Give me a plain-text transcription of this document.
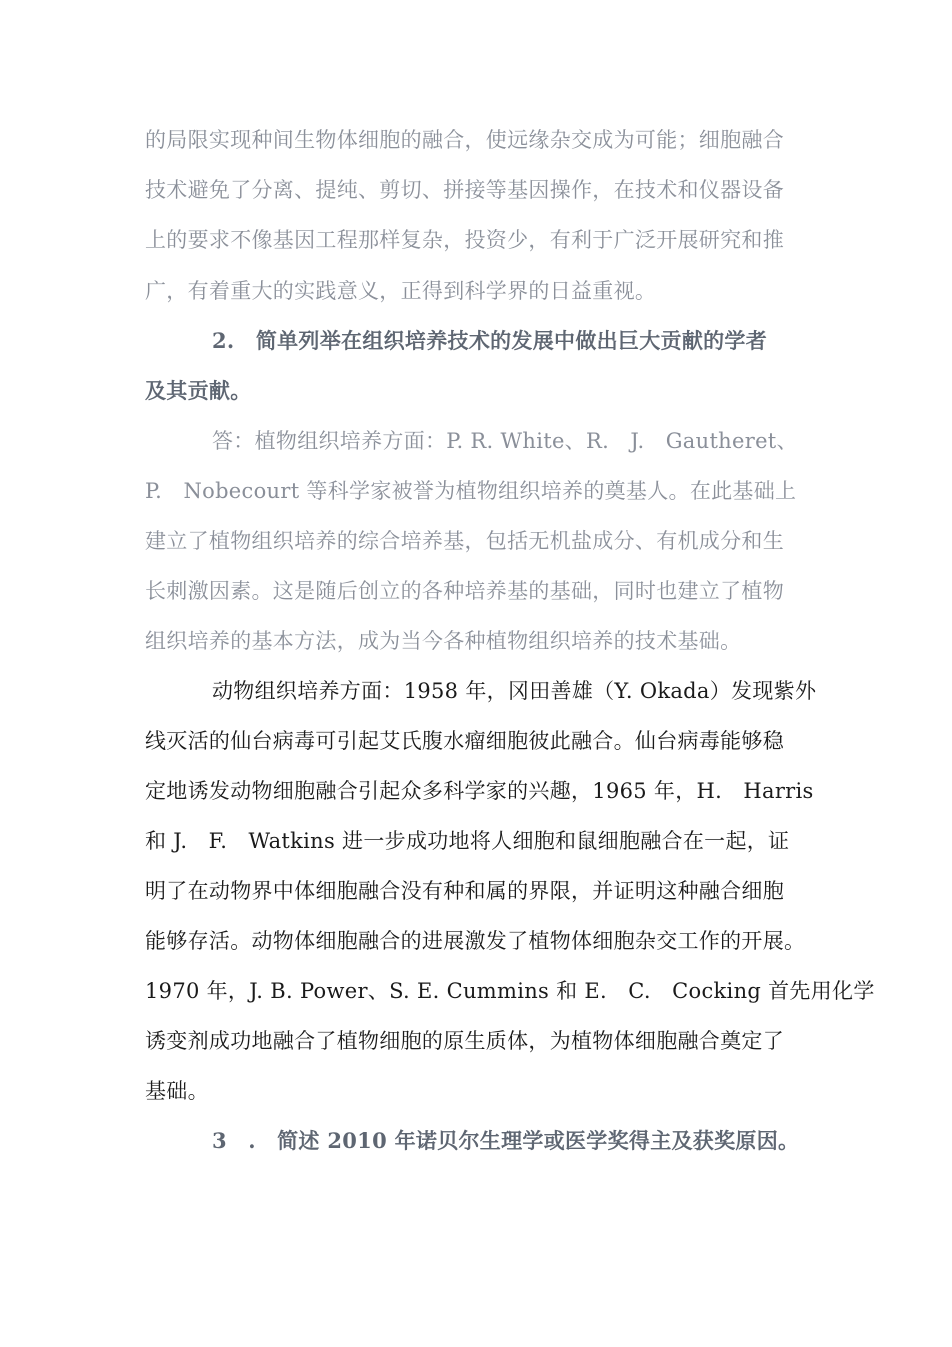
的局限实现种间生物体细胞的融合，使远缘杂交成为可能；细胞融合
技术避免了分离、提纯、剪切、拼接等基因操作，在技术和仪器设备
上的要求不像基因工程那样复杂，投资少，有利于广泛开展研究和推
广，有着重大的实践意义，正得到科学界的日益重视。
2.　简单列举在组织培养技术的发展中做出巨大贡献的学者
及其贡献。
答：植物组织培养方面：P. R. White、R.　J.　Gautheret、
P.　Nobecourt 等科学家被誉为植物组织培养的奠基人。在此基础上
建立了植物组织培养的综合培养基，包括无机盐成分、有机成分和生
长刺激因素。这是随后创立的各种培养基的基础，同时也建立了植物
组织培养的基本方法，成为当今各种植物组织培养的技术基础。
动物组织培养方面：1958 年，冈田善雄（Y. Okada）发现紫外
线灭活的仙台病毒可引起艾氏腹水瘤细胞彼此融合。仙台病毒能够稳
定地诱发动物细胞融合引起众多科学家的兴趣，1965 年，H.　Harris
和 J.　F.　Watkins 进一步成功地将人细胞和鼠细胞融合在一起，证
明了在动物界中体细胞融合没有种和属的界限，并证明这种融合细胞
能够存活。动物体细胞融合的进展激发了植物体细胞杂交工作的开展。
1970 年，J. B. Power、S. E. Cummins 和 E.　C.　Cocking 首先用化学
诱变剂成功地融合了植物细胞的原生质体，为植物体细胞融合奠定了
基础。
3　.　简述 2010 年诺贝尔生理学或医学奖得主及获奖原因。
